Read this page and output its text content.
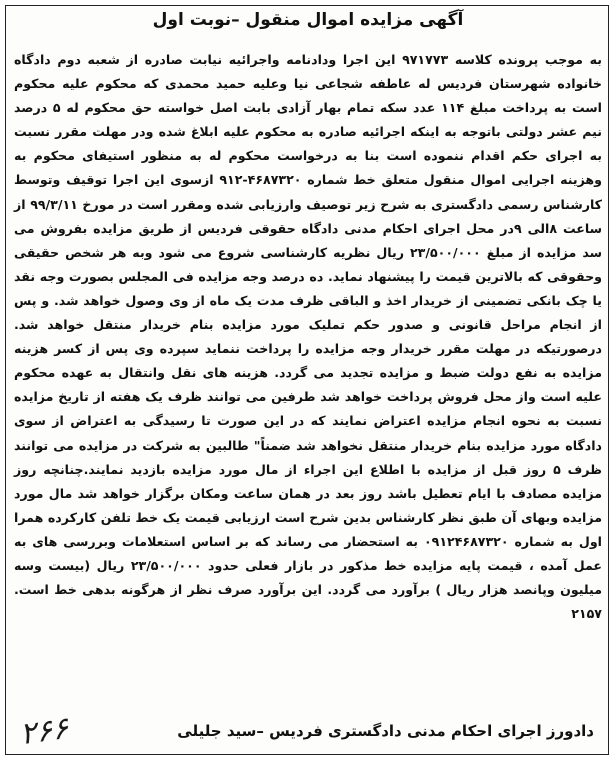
آگهی مزایده اموال منقول –نوبت اول
به موجب پرونده کلاسه ۹۷۱۷۷۳ این اجرا ودادنامه واجرائیه نیابت صادره از شعبه دوم دادگاه خانواده شهرستان فردیس له عاطفه شجاعی نیا وعلیه حمید محمدی که محکوم علیه محکوم است به پرداخت مبلغ ۱۱۴ عدد سکه تمام بهار آزادی بابت اصل خواسته حق محکوم له ۵ درصد نیم عشر دولتی باتوجه به اینکه اجرائیه صادره به محکوم علیه ابلاغ شده ودر مهلت مقرر نسبت به اجرای حکم اقدام ننموده است بنا به درخواست محکوم له به منظور استیفای محکوم به وهزینه اجرایی اموال منقول متعلق خط شماره ۴۶۸۷۳۲۰-۹۱۲ ازسوی این اجرا توقیف وتوسط کارشناس رسمی دادگستری به شرح زیر توصیف وارزیابی شده ومقرر است در مورخ ۹۹/۳/۱۱ از ساعت ۸الی ۹در محل اجرای احکام مدنی دادگاه حقوقی فردیس از طریق مزایده بفروش می سد مزایده از مبلغ ۲۳/۵۰۰/۰۰۰ ریال نظریه کارشناسی شروع می شود وبه هر شخص حقیقی وحقوقی که بالاترین قیمت را پیشنهاد نماید. ده درصد وجه مزایده فی المجلس بصورت وجه نقد یا چک بانکی تضمینی از خریدار اخذ و الباقی ظرف مدت یک ماه از وی وصول خواهد شد. و پس از انجام مراحل قانونی و صدور حکم تملیک مورد مزایده بنام خریدار منتقل خواهد شد. درصورتیکه در مهلت مقرر خریدار وجه مزایده را پرداخت ننماید سپرده وی پس از کسر هزینه مزایده به نفع دولت ضبط و مزایده تجدید می گردد. هزینه های نقل وانتقال به عهده محکوم علیه است واز محل فروش پرداخت خواهد شد طرفین می توانند ظرف یک هفته از تاریخ مزایده نسبت به نحوه انجام مزایده اعتراض نمایند که در این صورت تا رسیدگی به اعتراض از سوی دادگاه مورد مزایده بنام خریدار منتقل نخواهد شد ضمناً" طالبین به شرکت در مزایده می توانند ظرف ۵ روز قبل از مزایده با اطلاع این اجراء از مال مورد مزایده بازدید نمایند.چنانچه روز مزایده مصادف با ایام تعطیل باشد روز بعد در همان ساعت ومکان برگزار خواهد شد مال مورد مزایده وبهای آن طبق نظر کارشناس بدین شرح است ارزیابی قیمت یک خط تلفن کارکرده همرا اول به شماره ۰۹۱۲۴۶۸۷۳۲۰ به استحضار می رساند که بر اساس استعلامات وبررسی های به عمل آمده ، قیمت پایه مزایده خط مذکور در بازار فعلی حدود ۲۳/۵۰۰/۰۰۰ ریال (بیست وسه میلیون وپانصد هزار ریال ) برآورد می گردد. این برآورد صرف نظر از هرگونه بدهی خط است. ۲۱۵۷
دادورز اجرای احکام مدنی دادگستری فردیس –سید جلیلی
۲۶۶
